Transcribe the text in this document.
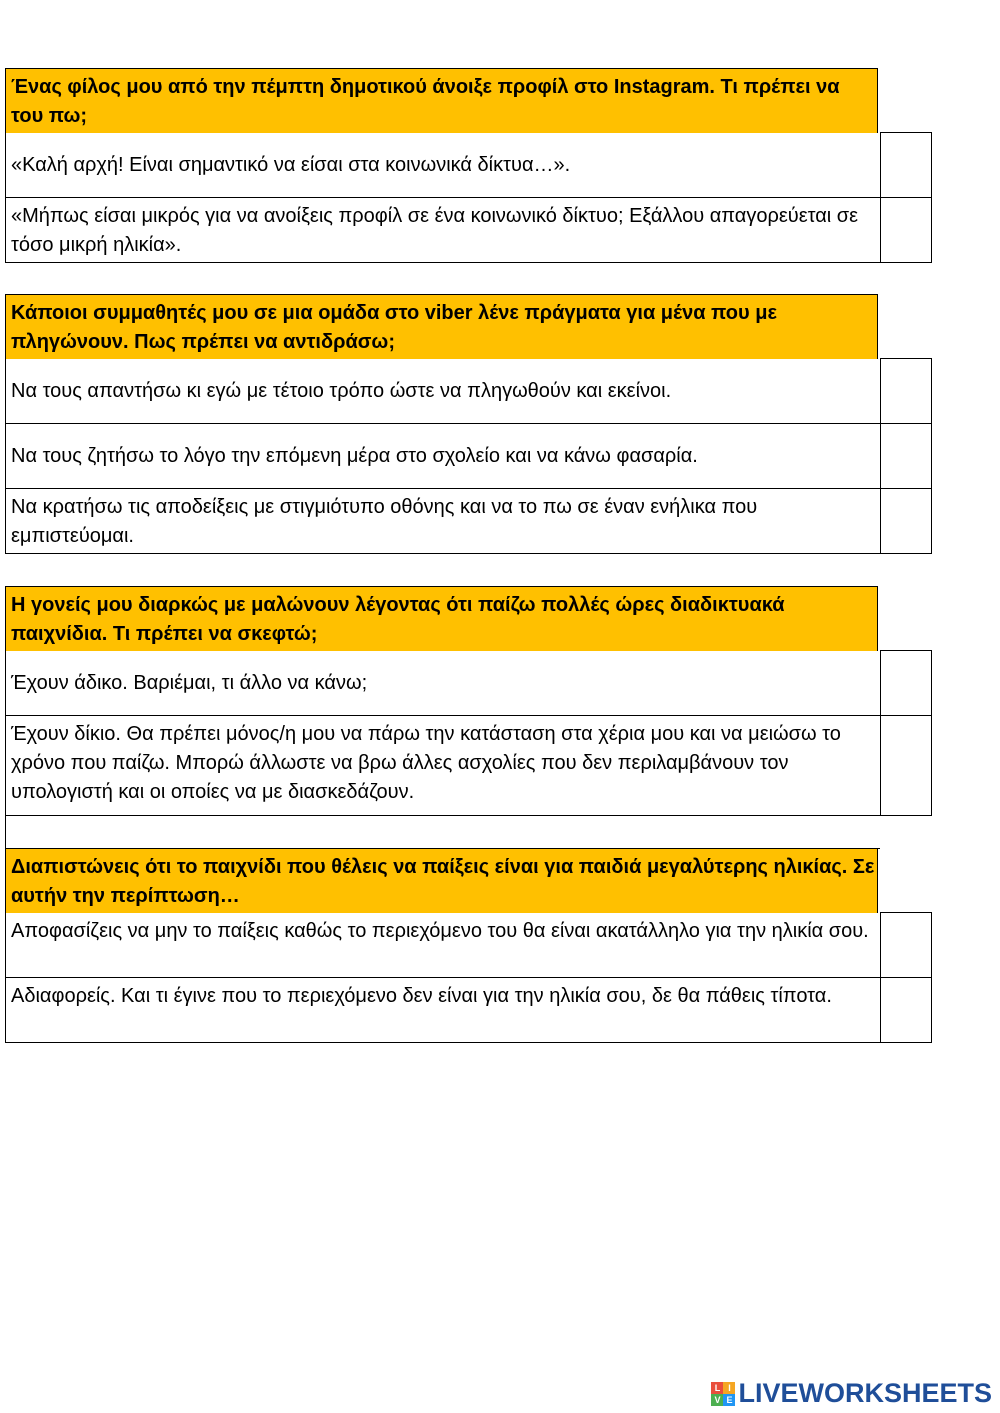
Ένας φίλος μου από την πέμπτη δημοτικού άνοιξε προφίλ στο Instagram. Τι πρέπει να του πω;
«Καλή αρχή! Είναι σημαντικό να είσαι στα κοινωνικά δίκτυα…».
«Μήπως είσαι μικρός για να ανοίξεις προφίλ σε ένα κοινωνικό δίκτυο; Εξάλλου απαγορεύεται σε τόσο μικρή ηλικία».
Κάποιοι συμμαθητές μου σε μια ομάδα στο viber λένε πράγματα για μένα που με πληγώνουν. Πως πρέπει να αντιδράσω;
Να τους απαντήσω κι εγώ με τέτοιο τρόπο ώστε να πληγωθούν και εκείνοι.
Να τους ζητήσω το λόγο την επόμενη μέρα στο σχολείο και να κάνω φασαρία.
Να κρατήσω τις αποδείξεις με στιγμιότυπο οθόνης και να το πω σε έναν ενήλικα που εμπιστεύομαι.
Η γονείς μου διαρκώς με μαλώνουν λέγοντας ότι παίζω πολλές ώρες διαδικτυακά παιχνίδια. Τι πρέπει να σκεφτώ;
Έχουν άδικο. Βαριέμαι, τι άλλο να κάνω;
Έχουν δίκιο. Θα πρέπει μόνος/η μου να πάρω την κατάσταση στα χέρια μου και να μειώσω το χρόνο που παίζω. Μπορώ άλλωστε να βρω άλλες ασχολίες που δεν περιλαμβάνουν τον υπολογιστή και οι οποίες να με διασκεδάζουν.
Διαπιστώνεις ότι το παιχνίδι που θέλεις να παίξεις είναι για παιδιά μεγαλύτερης ηλικίας. Σε αυτήν την περίπτωση…
Αποφασίζεις να μην το παίξεις καθώς το περιεχόμενο του θα είναι ακατάλληλο για την ηλικία σου.
Αδιαφορείς. Και τι έγινε που το περιεχόμενο δεν είναι για την ηλικία σου, δε θα πάθεις τίποτα.
L I
V E LIVEWORKSHEETS
